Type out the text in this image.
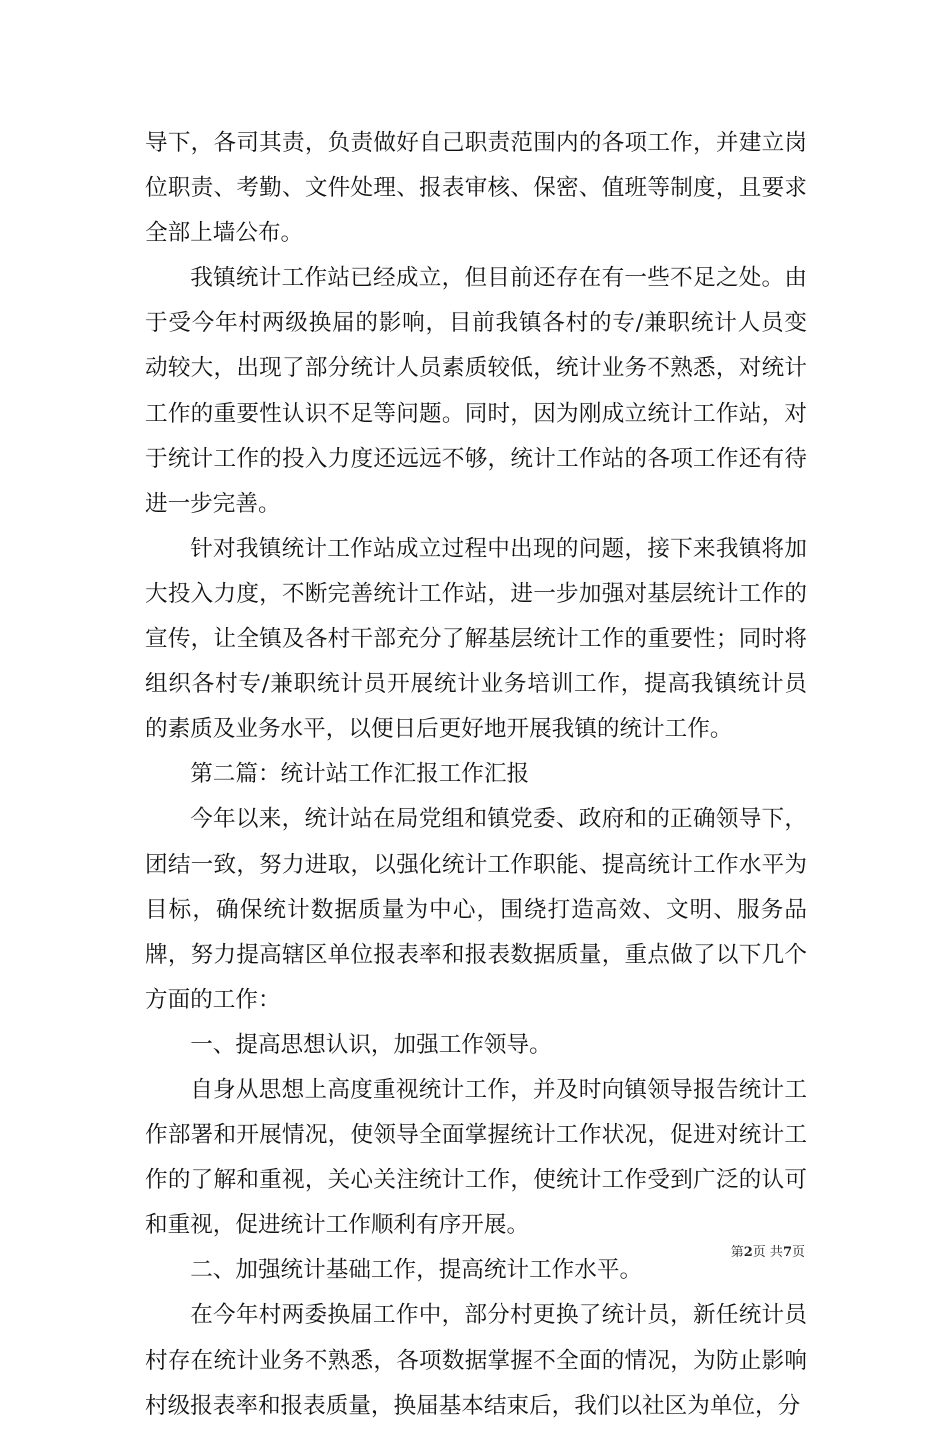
导下，各司其责，负责做好自己职责范围内的各项工作，并建立岗位职责、考勤、文件处理、报表审核、保密、值班等制度，且要求全部上墙公布。

我镇统计工作站已经成立，但目前还存在有一些不足之处。由于受今年村两级换届的影响，目前我镇各村的专/兼职统计人员变动较大，出现了部分统计人员素质较低，统计业务不熟悉，对统计工作的重要性认识不足等问题。同时，因为刚成立统计工作站，对于统计工作的投入力度还远远不够，统计工作站的各项工作还有待进一步完善。

针对我镇统计工作站成立过程中出现的问题，接下来我镇将加大投入力度，不断完善统计工作站，进一步加强对基层统计工作的宣传，让全镇及各村干部充分了解基层统计工作的重要性；同时将组织各村专/兼职统计员开展统计业务培训工作，提高我镇统计员的素质及业务水平，以便日后更好地开展我镇的统计工作。

第二篇：统计站工作汇报工作汇报

今年以来，统计站在局党组和镇党委、政府和的正确领导下，团结一致，努力进取，以强化统计工作职能、提高统计工作水平为目标，确保统计数据质量为中心，围绕打造高效、文明、服务品牌，努力提高辖区单位报表率和报表数据质量，重点做了以下几个方面的工作：

一、提高思想认识，加强工作领导。

自身从思想上高度重视统计工作，并及时向镇领导报告统计工作部署和开展情况，使领导全面掌握统计工作状况，促进对统计工作的了解和重视，关心关注统计工作，使统计工作受到广泛的认可和重视，促进统计工作顺利有序开展。

二、加强统计基础工作，提高统计工作水平。

在今年村两委换届工作中，部分村更换了统计员，新任统计员村存在统计业务不熟悉，各项数据掌握不全面的情况，为防止影响村级报表率和报表质量，换届基本结束后，我们以社区为单位，分

第2页 共7页
